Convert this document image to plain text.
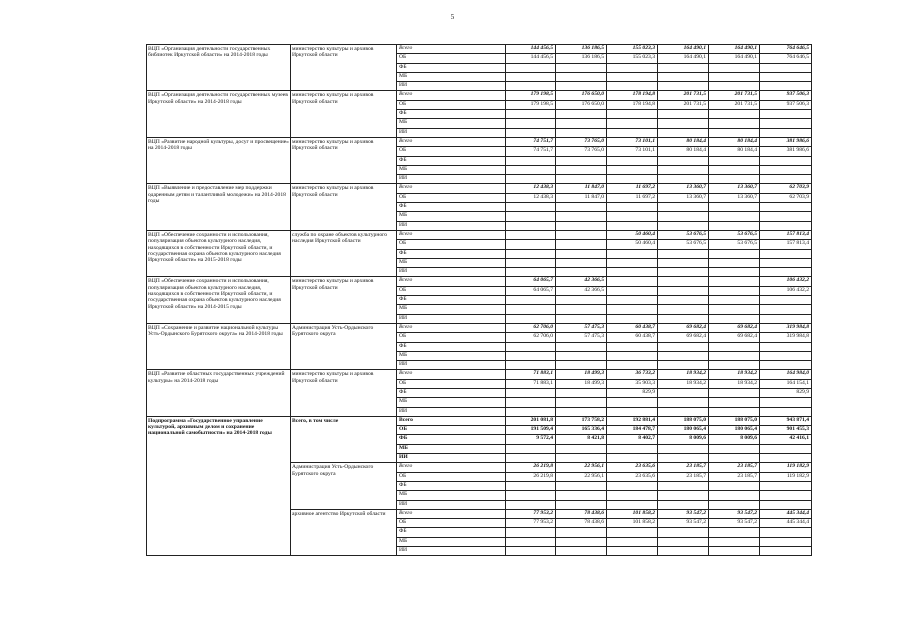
5
ВЦП «Организация деятельности государственных библиотек Иркутской области» на 2014-2018 годы	министерство культуры и архивов Иркутской области	Всего	144 456,5	136 186,5	155 023,3	164 490,1	164 490,1	764 646,5
		ОБ	144 456,5	136 186,5	155 023,3	164 490,1	164 490,1	764 646,5
		ФБ						
		МБ						
		ИИ						
ВЦП «Организация деятельности государственных музеев Иркутской области» на 2014-2018 годы	министерство культуры и архивов Иркутской области	Всего	179 198,5	176 650,0	178 194,8	201 731,5	201 731,5	937 506,3
		ОБ	179 198,5	176 650,0	178 194,8	201 731,5	201 731,5	937 506,3
		ФБ						
		МБ						
		ИИ						
ВЦП «Развитие народной культуры, досуг и просвещение» на 2014-2018 годы	министерство культуры и архивов Иркутской области	Всего	74 751,7	73 765,0	73 101,1	80 184,4	80 184,4	381 986,6
		ОБ	74 751,7	73 765,0	73 101,1	80 184,4	80 184,4	381 986,6
		ФБ						
		МБ						
		ИИ						
ВЦП «Выявление и предоставление мер поддержки одаренным детям и талантливой молодежи» на 2014-2018 годы	министерство культуры и архивов Иркутской области	Всего	12 438,3	11 847,0	11 697,2	13 360,7	13 360,7	62 703,9
		ОБ	12 438,3	11 847,0	11 697,2	13 360,7	13 360,7	62 703,9
		ФБ						
		МБ						
		ИИ						
ВЦП «Обеспечение сохранности и использования, популяризация объектов культурного наследия, находящихся в собственности Иркутской области, и государственная охрана объектов культурного наследия Иркутской области» на 2015-2018 годы	служба по охране объектов культурного наследия Иркутской области	Всего			50 460,4	53 676,5	53 676,5	157 813,4
		ОБ			50 460,4	53 676,5	53 676,5	157 813,4
		ФБ						
		МБ						
		ИИ						
ВЦП «Обеспечение сохранности и использования, популяризация объектов культурного наследия, находящихся в собственности Иркутской области, и государственная охрана объектов культурного наследия Иркутской области» на 2014-2015 годы	министерство культуры и архивов Иркутской области	Всего	64 065,7	42 366,5				106 432,2
		ОБ	64 065,7	42 366,5				106 432,2
		ФБ						
		МБ						
		ИИ						
ВЦП «Сохранение и развитие национальной культуры Усть-Ордынского Бурятского округа» на 2014-2018 годы	Администрация Усть-Ордынского Бурятского округа	Всего	62 706,0	57 475,3	60 438,7	69 682,4	69 682,4	319 984,8
		ОБ	62 706,0	57 475,3	60 438,7	69 682,4	69 682,4	319 984,8
		ФБ						
		МБ						
		ИИ						
ВЦП «Развитие областных государственных учреждений культуры» на 2014-2018 годы	министерство культуры и архивов Иркутской области	Всего	71 883,1	18 499,3	36 733,2	18 934,2	18 934,2	164 984,0
		ОБ	71 883,1	18 499,3	35 903,3	18 934,2	18 934,2	164 154,1
		ФБ			829,9			829,9
		МБ						
		ИИ						
Подпрограмма «Государственное управление культурой, архивным делом и сохранение национальной самобытности» на 2014-2018 годы	Всего, в том числе	Всего	201 081,8	173 758,2	192 881,4	188 075,0	188 075,0	943 871,4
		ОБ	191 509,4	165 336,4	184 478,7	180 065,4	180 065,4	901 455,3
		ФБ	9 572,4	8 421,8	8 402,7	8 009,6	8 009,6	42 416,1
		МБ						
		ИИ						
	Администрация Усть-Ордынского Бурятского округа	Всего	26 219,8	22 956,1	23 635,6	23 185,7	23 185,7	119 182,9
		ОБ	26 219,8	22 956,1	23 635,6	23 185,7	23 185,7	119 182,9
		ФБ						
		МБ						
		ИИ						
	архивное агентство Иркутской области	Всего	77 953,2	78 438,6	101 858,2	93 547,2	93 547,2	445 344,4
		ОБ	77 953,2	78 438,6	101 858,2	93 547,2	93 547,2	445 344,4
		ФБ						
		МБ						
		ИИ						
